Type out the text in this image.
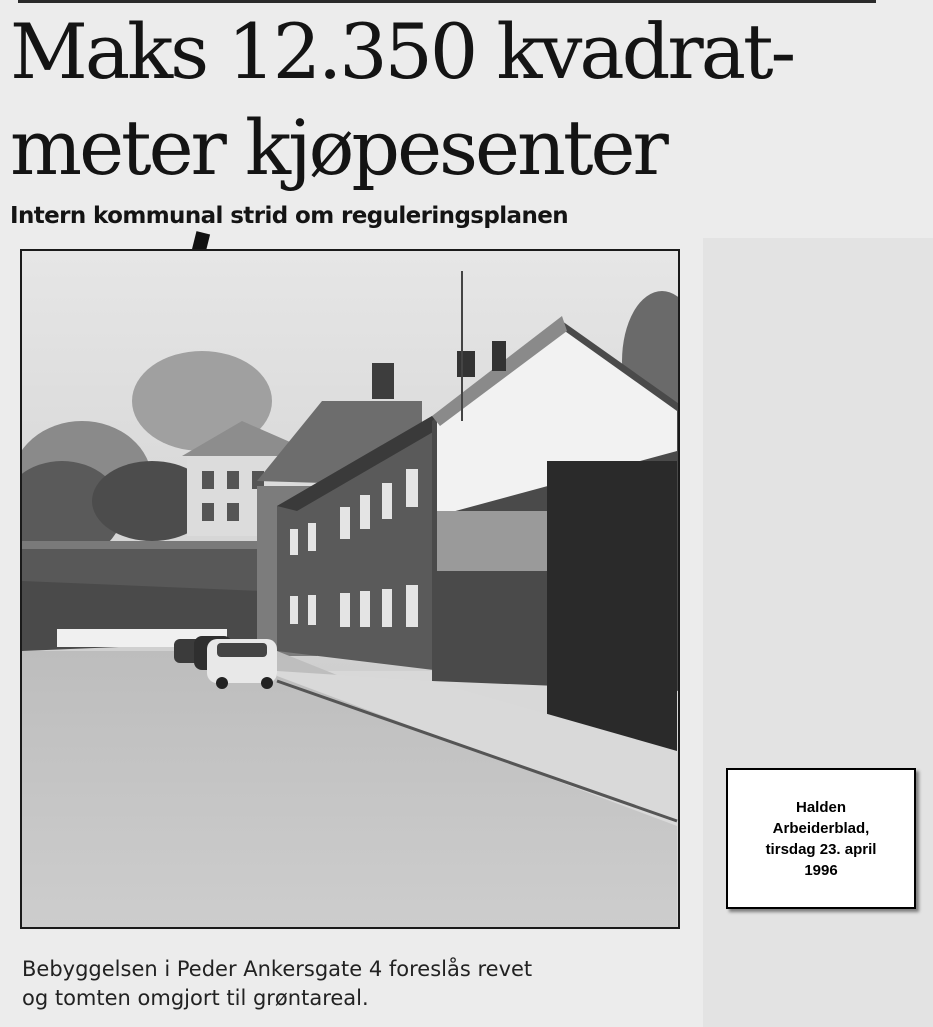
Maks 12.350 kvadrat-
meter kjøpesenter
Intern kommunal strid om reguleringsplanen

Bebyggelsen i Peder Ankersgate 4 foreslås revet
og tomten omgjort til grøntareal.

Halden
Arbeiderblad,
tirsdag 23. april
1996
